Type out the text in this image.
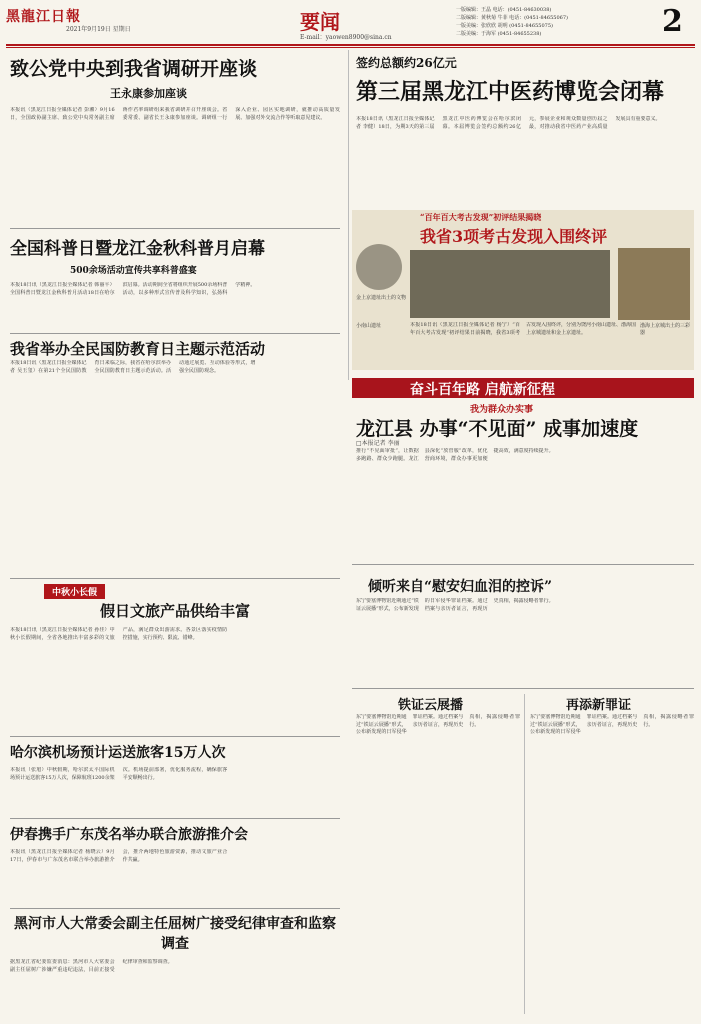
黑龍江日報
2021年9月19日 星期日	要闻
E-mail：yaowen8900@sina.cn
一版编辑：王晶 电话：(0451-84630038)
二版编辑：黄秋菊 牛菲 电话：(0451-84655067)
一版美编：张欣欣 胡明 (0451-84655075)
二版美编：于海军 (0451-84655238)	2
致公党中央到我省调研开座谈
王永康参加座谈
本报讯（黑龙江日报全媒体记者 彭湘）9月16日，全国政协副主席、致公党中央常务副主席蒋作君率调研组来我省调研并召开座谈会。省委常委、副省长王永康参加座谈。调研组一行深入企业、园区实地调研，就推动高质量发展、加强对外交流合作等听取意见建议。
全国科普日暨龙江金秋科普月启幕
500余场活动宣传共享科普盛宴
本报18日讯（黑龙江日报全媒体记者 韩丽平）全国科普日暨龙江金秋科普月活动18日在哈尔滨启幕。活动期间全省将组织开展500余场科普活动，以多种形式宣传普及科学知识，弘扬科学精神。
我省举办全民国防教育日主题示范活动
本报18日讯（黑龙江日报全媒体记者 吴玉玺）在第21个全民国防教育日来临之际，我省在哈尔滨举办全民国防教育日主题示范活动。活动通过展览、互动体验等形式，增强全民国防观念。
中秋小长假
假日文旅产品供给丰富
本报18日讯（黑龙江日报全媒体记者 孙佳）中秋小长假期间，全省各地推出丰富多彩的文旅产品，满足群众出游需求。各景区落实疫情防控措施，实行预约、限流、错峰。
哈尔滨机场预计运送旅客15万人次
本报讯（张旭）中秋假期，哈尔滨太平国际机场预计运送旅客15万人次，保障航班1200余架次。机场提前部署，优化服务流程，确保旅客平安顺畅出行。
伊春携手广东茂名举办联合旅游推介会
本报讯（黑龙江日报全媒体记者 杨晓云）9月17日，伊春市与广东茂名市联合举办旅游推介会，推介两地特色旅游资源，推动文旅产业合作共赢。
黑河市人大常委会副主任屈树广接受纪律审查和监察调查
据黑龙江省纪委监委消息：黑河市人大常委会副主任屈树广涉嫌严重违纪违法，目前正接受纪律审查和监察调查。
签约总额约26亿元
第三届黑龙江中医药博览会闭幕
本报18日讯（黑龙江日报全媒体记者 李健）18日，为期3天的第三届黑龙江中医药博览会在哈尔滨闭幕。本届博览会签约总额约26亿元，参展企业和观众数量创历届之最，对推动我省中医药产业高质量发展具有重要意义。
“百年百大考古发现”初评结果揭晓
我省3项考古发现入围终评
金上京遗址出土的文物
小南山遗址	渤海上京城出土的三彩器
本报18日讯（黑龙江日报全媒体记者 杨宁）“百年百大考古发现”初评结果日前揭晓，我省3项考古发现入围终评，分别为饶河小南山遗址、渤海国上京城遗址和金上京遗址。
奋斗百年路 启航新征程
我为群众办实事
龙江县 办事“不见面” 成事加速度
□本报记者 李丽
推行“不见面审批”，让数据多跑路、群众少跑腿。龙江县深化“放管服”改革，优化营商环境，群众办事更加便捷高效，满意度持续提升。
倾听来自“慰安妇血泪的控诉”
东宁要塞博物馆近期通过“铁证云展播”形式，公布新发现的日军侵华罪证档案。通过档案与亲历者证言，再现历史真相，揭露侵略者罪行。
铁证云展播	再添新罪证
东宁要塞博物馆近期通过“铁证云展播”形式，公布新发现的日军侵华罪证档案。通过档案与亲历者证言，再现历史真相，揭露侵略者罪行。
东宁要塞博物馆近期通过“铁证云展播”形式，公布新发现的日军侵华罪证档案。通过档案与亲历者证言，再现历史真相，揭露侵略者罪行。
